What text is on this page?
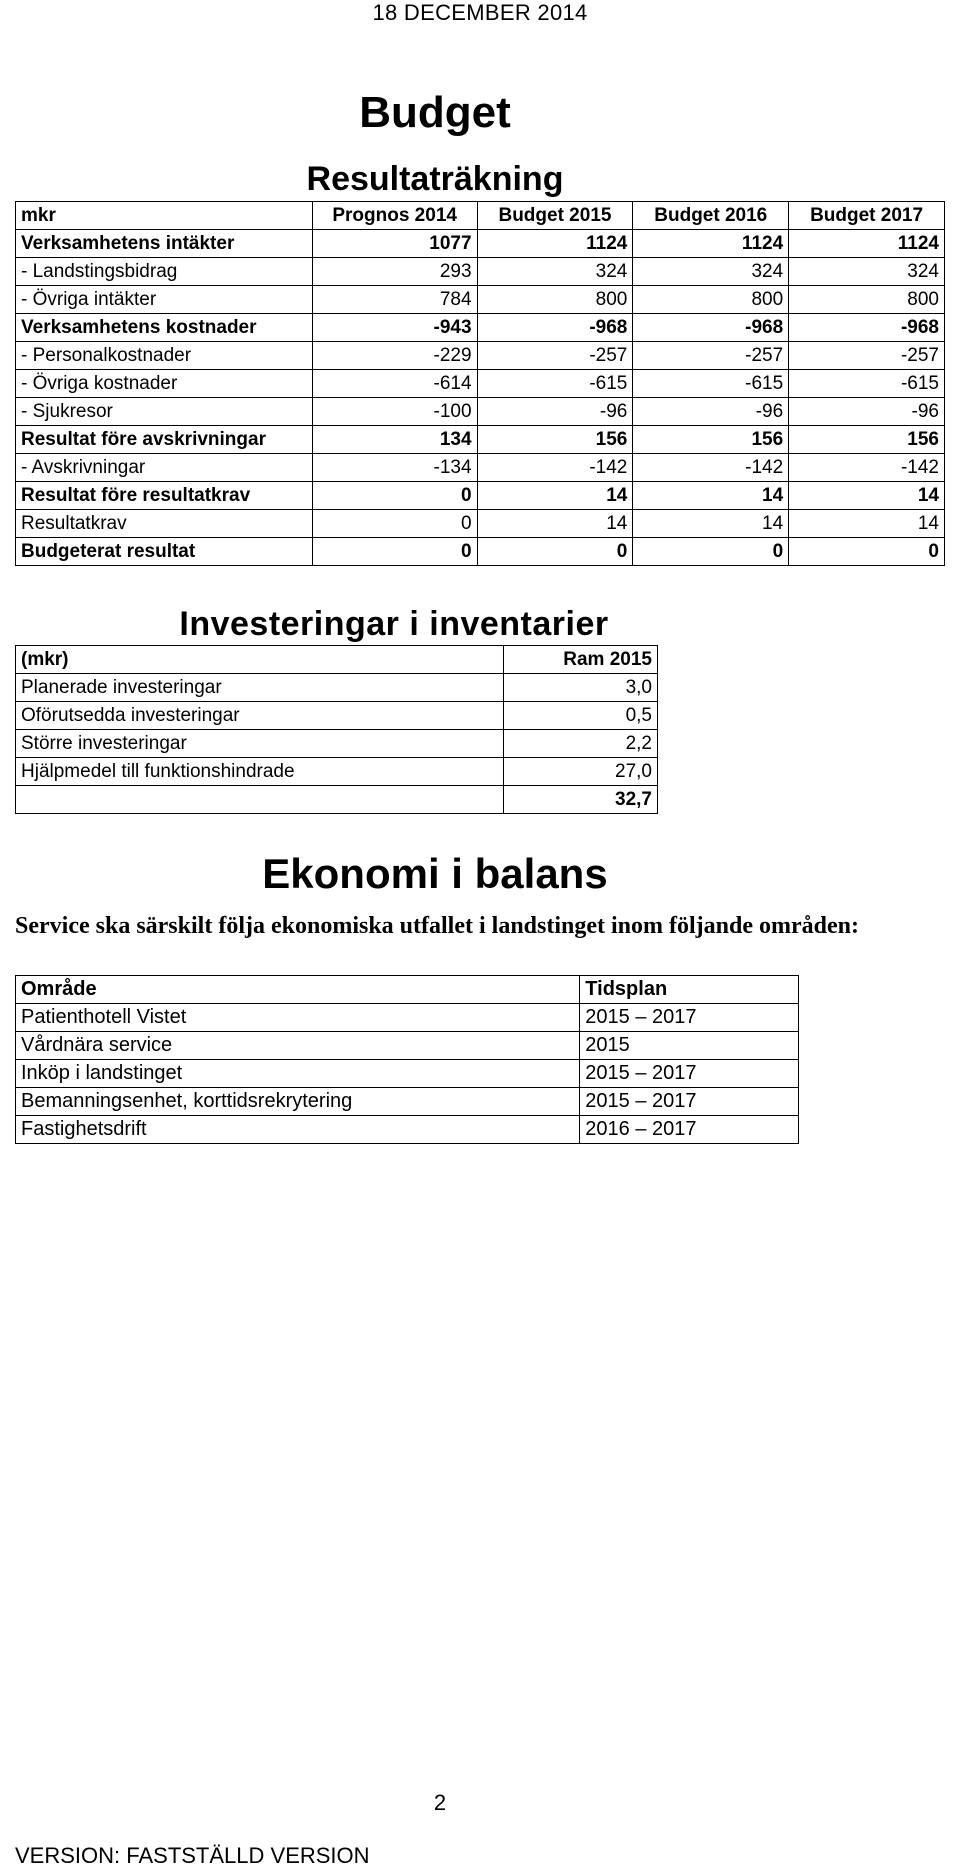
18 DECEMBER 2014
Budget
Resultaträkning
mkr	Prognos 2014	Budget 2015	Budget 2016	Budget 2017
Verksamhetens intäkter	1077	1124	1124	1124
- Landstingsbidrag	293	324	324	324
- Övriga intäkter	784	800	800	800
Verksamhetens kostnader	-943	-968	-968	-968
- Personalkostnader	-229	-257	-257	-257
- Övriga kostnader	-614	-615	-615	-615
- Sjukresor	-100	-96	-96	-96
Resultat före avskrivningar	134	156	156	156
- Avskrivningar	-134	-142	-142	-142
Resultat före resultatkrav	0	14	14	14
Resultatkrav	0	14	14	14
Budgeterat resultat	0	0	0	0
Investeringar i inventarier
(mkr)	Ram 2015
Planerade investeringar	3,0
Oförutsedda investeringar	0,5
Större investeringar	2,2
Hjälpmedel till funktionshindrade	27,0
	32,7
Ekonomi i balans
Service ska särskilt följa ekonomiska utfallet i landstinget inom följande områden:
Område	Tidsplan
Patienthotell Vistet	2015 – 2017
Vårdnära service	2015
Inköp i landstinget	2015 – 2017
Bemanningsenhet, korttidsrekrytering	2015 – 2017
Fastighetsdrift	2016 – 2017
2
VERSION: FASTSTÄLLD VERSION
